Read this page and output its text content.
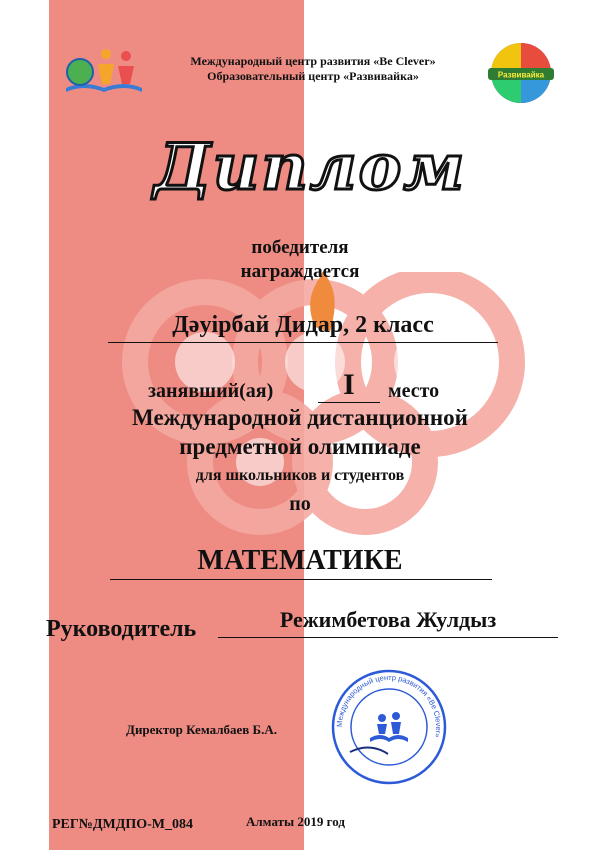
Международный центр развития «Be Clever»
Образовательный центр «Развивайка»	Развивайка
Диплом
победителя
награждается
Дәуірбай Дидар, 2 класс
занявший(ая)	I	место
Международной дистанционной
предметной олимпиаде
для школьников и студентов
по
МАТЕМАТИКЕ
Руководитель	Режимбетова Жулдыз
Директор Кемалбаев Б.А.	Международный центр развития «Be Clever»
РЕГ№ДМДПО-М_084	Алматы 2019 год
